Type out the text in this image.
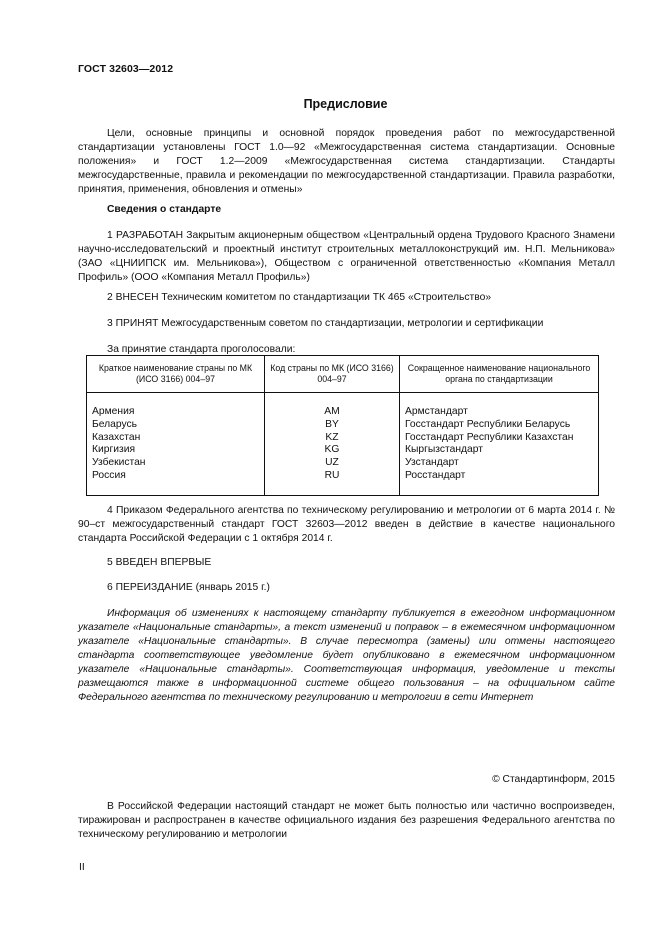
ГОСТ 32603—2012
Предисловие
Цели, основные принципы и основной порядок проведения работ по межгосударственной стандартизации установлены ГОСТ 1.0—92 «Межгосударственная система стандартизации. Основные положения» и ГОСТ 1.2—2009 «Межгосударственная система стандартизации. Стандарты межгосударственные, правила и рекомендации по межгосударственной стандартизации. Правила разработки, принятия, применения, обновления и отмены»
Сведения о стандарте
1 РАЗРАБОТАН Закрытым акционерным обществом «Центральный ордена Трудового Красного Знамени научно-исследовательский и проектный институт строительных металлоконструкций им. Н.П. Мельникова» (ЗАО «ЦНИИПСК им. Мельникова»), Обществом с ограниченной ответственностью «Компания Металл Профиль» (ООО «Компания Металл Профиль»)
2 ВНЕСЕН Техническим комитетом по стандартизации ТК 465 «Строительство»
3 ПРИНЯТ Межгосударственным советом по стандартизации, метрологии и сертификации
За принятие стандарта проголосовали:
Краткое наименование страны по МК (ИСО 3166) 004–97	Код страны по МК (ИСО 3166) 004–97	Сокращенное наименование национального органа по стандартизации
Армения	AM	Армстандарт
Беларусь	BY	Госстандарт Республики Беларусь
Казахстан	KZ	Госстандарт Республики Казахстан
Киргизия	KG	Кыргызстандарт
Узбекистан	UZ	Узстандарт
Россия	RU	Росстандарт
4 Приказом Федерального агентства по техническому регулированию и метрологии от 6 марта 2014 г. № 90–ст межгосударственный стандарт ГОСТ 32603—2012 введен в действие в качестве национального стандарта Российской Федерации с 1 октября 2014 г.
5 ВВЕДЕН ВПЕРВЫЕ
6 ПЕРЕИЗДАНИЕ (январь 2015 г.)
Информация об изменениях к настоящему стандарту публикуется в ежегодном информационном указателе «Национальные стандарты», а текст изменений и поправок – в ежемесячном информационном указателе «Национальные стандарты». В случае пересмотра (замены) или отмены настоящего стандарта соответствующее уведомление будет опубликовано в ежемесячном информационном указателе «Национальные стандарты». Соответствующая информация, уведомление и тексты размещаются также в информационной системе общего пользования – на официальном сайте Федерального агентства по техническому регулированию и метрологии в сети Интернет
© Стандартинформ, 2015
В Российской Федерации настоящий стандарт не может быть полностью или частично воспроизведен, тиражирован и распространен в качестве официального издания без разрешения Федерального агентства по техническому регулированию и метрологии
II
